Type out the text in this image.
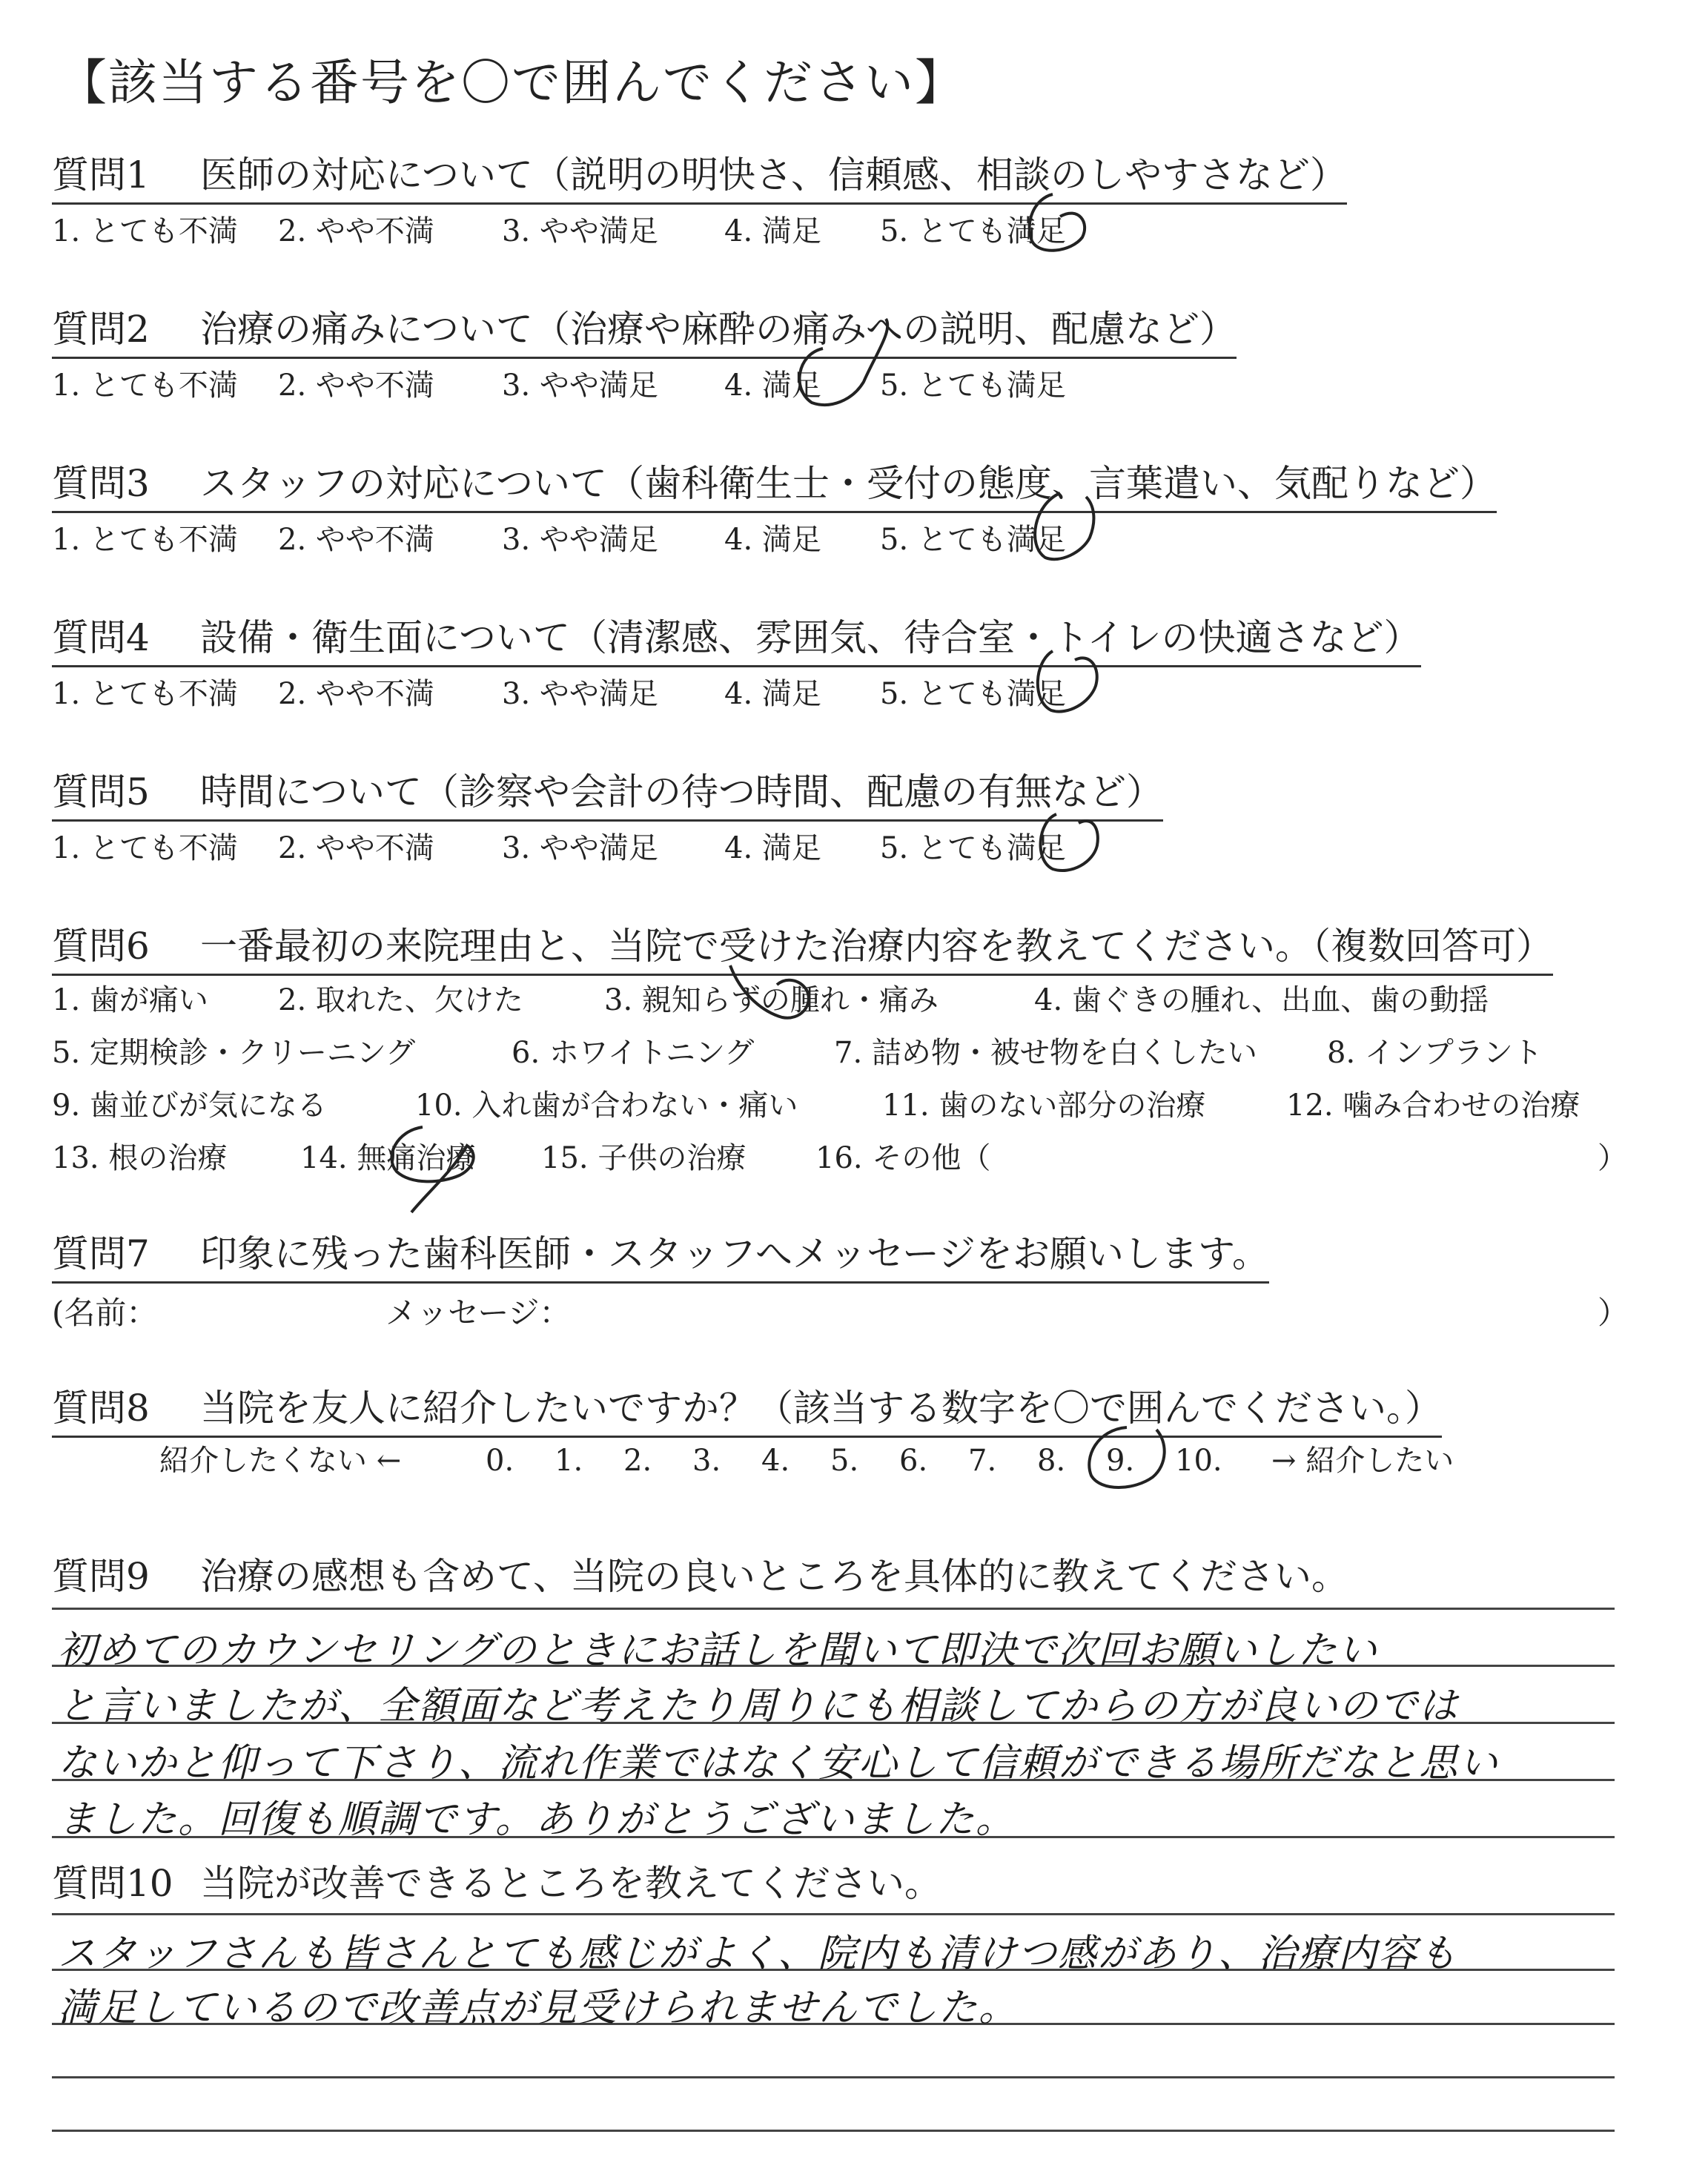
【該当する番号を〇で囲んでください】
質問1 医師の対応について（説明の明快さ、信頼感、相談のしやすさなど）
1. とても不満 2. やや不満 3. やや満足 4. 満足 5. とても満足
質問2 治療の痛みについて（治療や麻酔の痛みへの説明、配慮など）
1. とても不満 2. やや不満 3. やや満足 4. 満足 5. とても満足
質問3 スタッフの対応について（歯科衛生士・受付の態度、言葉遣い、気配りなど）
1. とても不満 2. やや不満 3. やや満足 4. 満足 5. とても満足
質問4 設備・衛生面について（清潔感、雰囲気、待合室・トイレの快適さなど）
1. とても不満 2. やや不満 3. やや満足 4. 満足 5. とても満足
質問5 時間について（診察や会計の待つ時間、配慮の有無など）
1. とても不満 2. やや不満 3. やや満足 4. 満足 5. とても満足
質問6 一番最初の来院理由と、当院で受けた治療内容を教えてください。（複数回答可）
1. 歯が痛い 2. 取れた、欠けた	3. 親知らずの腫れ・痛み	4. 歯ぐきの腫れ、出血、歯の動揺
5. 定期検診・クリーニング	6. ホワイトニング	7. 詰め物・被せ物を白くしたい 8. インプラント
9. 歯並びが気になる	10. 入れ歯が合わない・痛い	11. 歯のない部分の治療	12. 噛み合わせの治療
13. 根の治療 14. 無痛治療 15. 子供の治療 16. その他（	）
質問7 印象に残った歯科医師・スタッフへメッセージをお願いします。
(名前：	メッセージ：	）
質問8 当院を友人に紹介したいですか？（該当する数字を〇で囲んでください。）
紹介したくない ←	0. 1. 2. 3. 4. 5. 6. 7. 8. 9. 10. → 紹介したい
質問9 治療の感想も含めて、当院の良いところを具体的に教えてください。
初めてのカウンセリングのときにお話しを聞いて即決で次回お願いしたい
と言いましたが、全額面など考えたり周りにも相談してからの方が良いのでは
ないかと仰って下さり、流れ作業ではなく安心して信頼ができる場所だなと思い
ました。回復も順調です。ありがとうございました。
質問10 当院が改善できるところを教えてください。
スタッフさんも皆さんとても感じがよく、院内も清けつ感があり、治療内容も
満足しているので改善点が見受けられませんでした。
